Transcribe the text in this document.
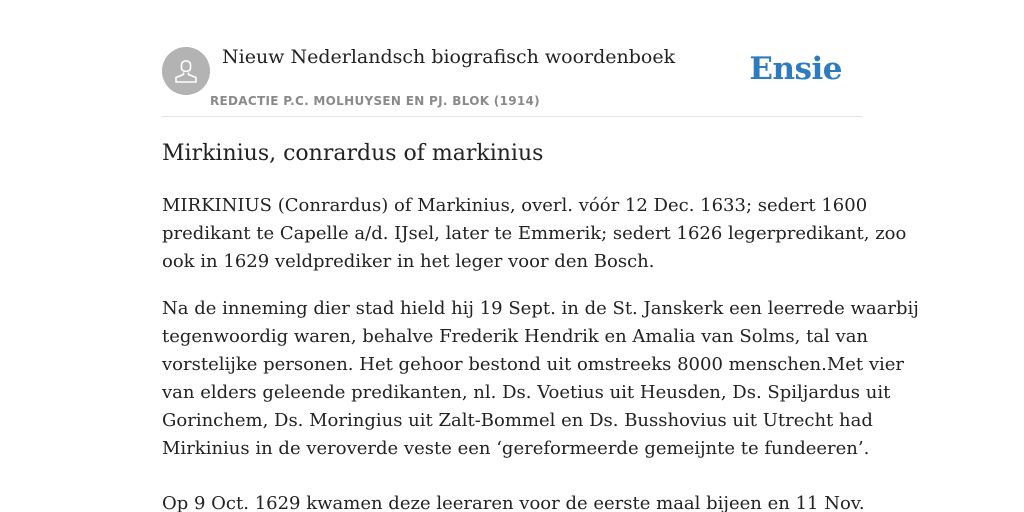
Nieuw Nederlandsch biografisch woordenboek
REDACTIE P.C. MOLHUYSEN EN PJ. BLOK (1914)
Ensie
Mirkinius, conrardus of markinius

MIRKINIUS (Conrardus) of Markinius, overl. vóór 12 Dec. 1633; sedert 1600
predikant te Capelle a/d. IJsel, later te Emmerik; sedert 1626 legerpredikant, zoo
ook in 1629 veldprediker in het leger voor den Bosch.

Na de inneming dier stad hield hij 19 Sept. in de St. Janskerk een leerrede waarbij
tegenwoordig waren, behalve Frederik Hendrik en Amalia van Solms, tal van
vorstelijke personen. Het gehoor bestond uit omstreeks 8000 menschen.Met vier
van elders geleende predikanten, nl. Ds. Voetius uit Heusden, Ds. Spiljardus uit
Gorinchem, Ds. Moringius uit Zalt-Bommel en Ds. Busshovius uit Utrecht had
Mirkinius in de veroverde veste een ‘gereformeerde gemeijnte te fundeeren’.

Op 9 Oct. 1629 kwamen deze leeraren voor de eerste maal bijeen en 11 Nov.
